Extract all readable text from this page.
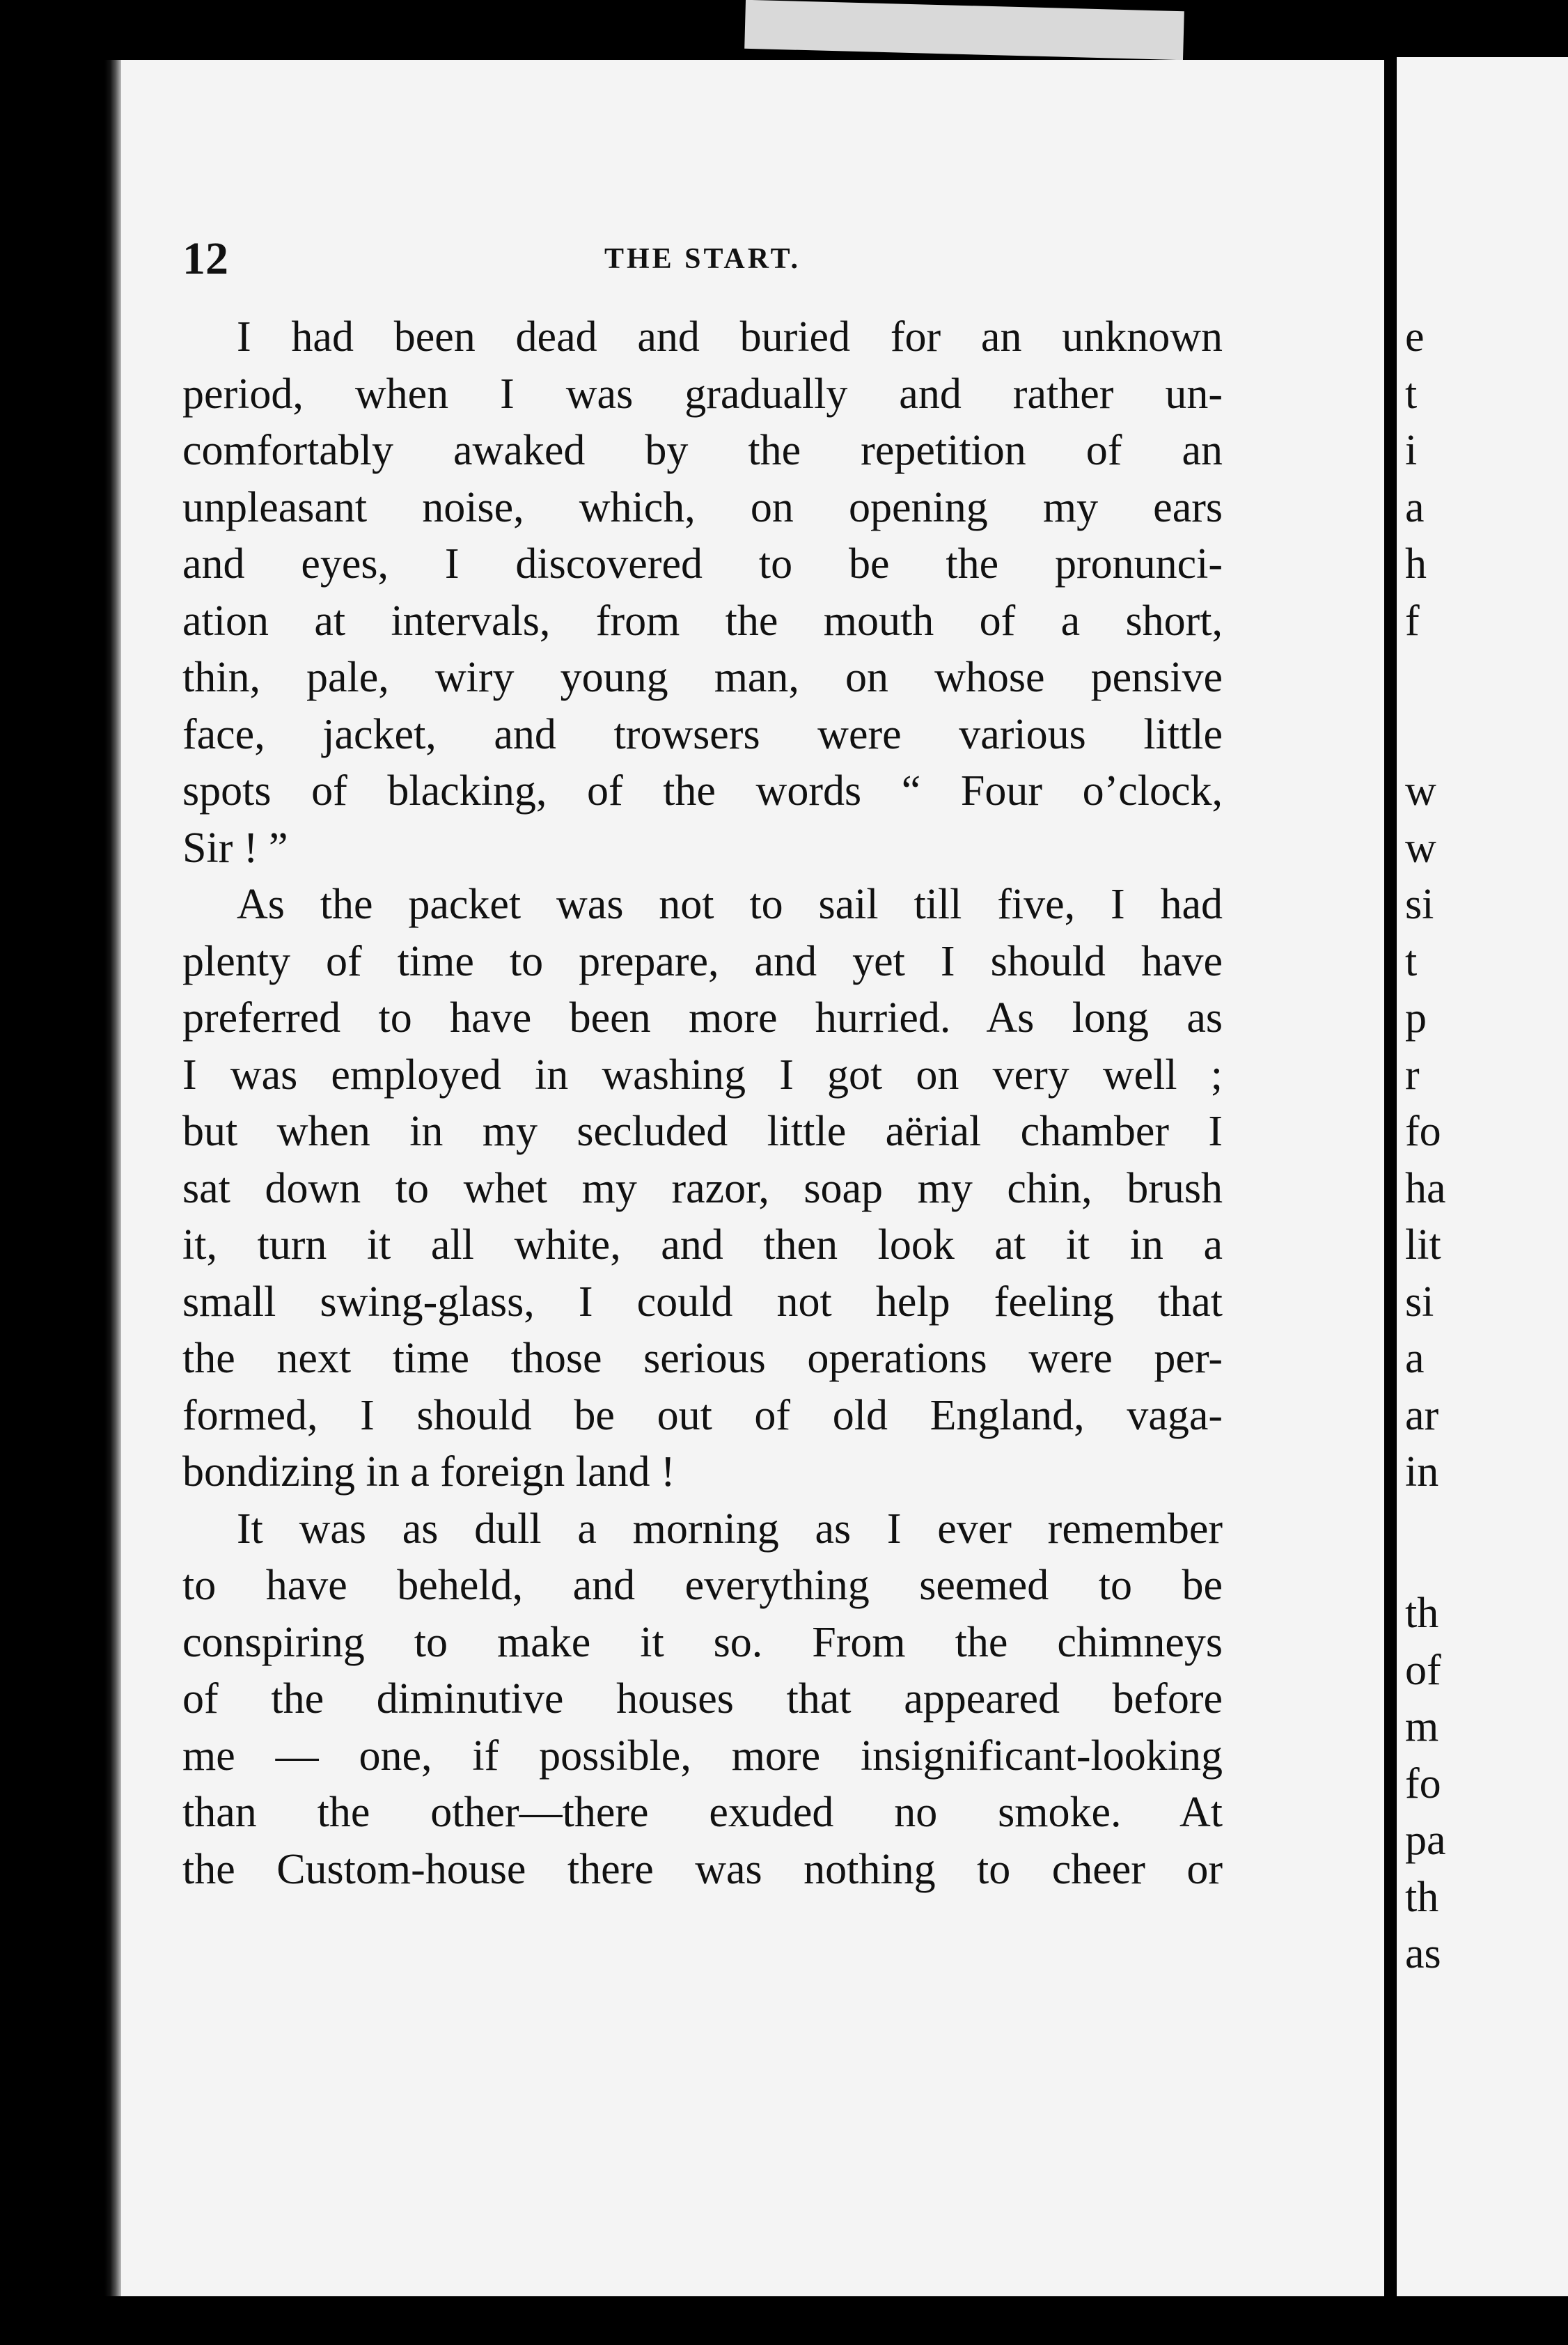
12	THE START.
I had been dead and buried for an unknown
period, when I was gradually and rather un-
comfortably awaked by the repetition of an
unpleasant noise, which, on opening my ears
and eyes, I discovered to be the pronunci-
ation at intervals, from the mouth of a short,
thin, pale, wiry young man, on whose pensive
face, jacket, and trowsers were various little
spots of blacking, of the words “ Four o’clock,
Sir ! ”
As the packet was not to sail till five, I had
plenty of time to prepare, and yet I should have
preferred to have been more hurried. As long as
I was employed in washing I got on very well ;
but when in my secluded little aërial chamber I
sat down to whet my razor, soap my chin, brush
it, turn it all white, and then look at it in a
small swing-glass, I could not help feeling that
the next time those serious operations were per-
formed, I should be out of old England, vaga-
bondizing in a foreign land !
It was as dull a morning as I ever remember
to have beheld, and everything seemed to be
conspiring to make it so. From the chimneys
of the diminutive houses that appeared before
me — one, if possible, more insignificant-looking
than the other—there exuded no smoke. At
the Custom-house there was nothing to cheer or
e
t
i
a
h
f
w
w
si
t
p
r
fo
ha
lit
si
a
ar
in
th
of
m
fo
pa
th
as
